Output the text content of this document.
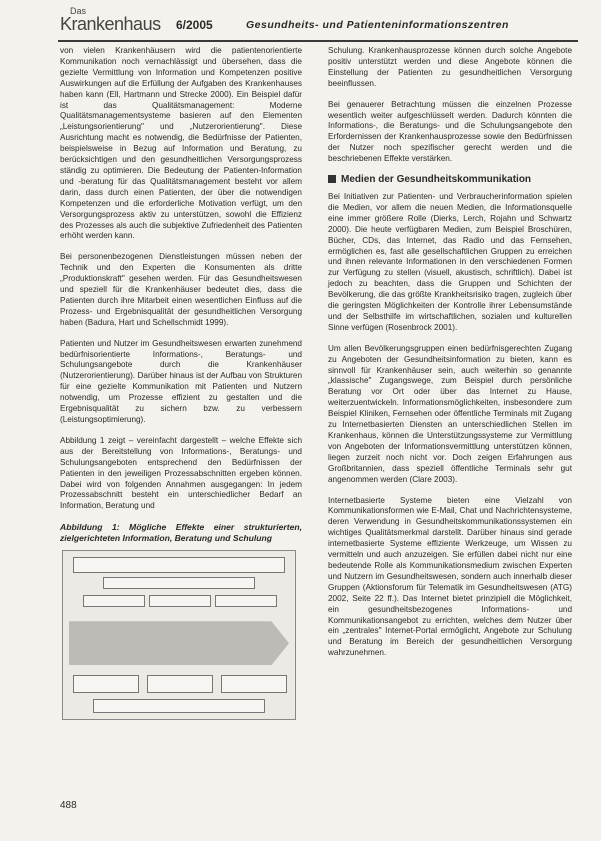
Das
Krankenhaus 6/2005	Gesundheits- und Patienteninformationszentren

von vielen Krankenhäusern wird die patientenorientierte Kommunikation noch vernachlässigt und übersehen, dass die gezielte Vermittlung von Information und Kompetenzen positive Auswirkungen auf die Erfüllung der Aufgaben des Krankenhauses haben kann (Ell, Hartmann und Strecke 2000). Ein Beispiel dafür ist das Qualitätsmanagement: Moderne Qualitätsmanagementsysteme basieren auf den Elementen „Leistungsorientierung" und „Nutzerorientierung". Diese Ausrichtung macht es notwendig, die Bedürfnisse der Patienten, beispielsweise in Bezug auf Information und Beratung, zu berücksichtigen und den gesundheitlichen Versorgungsprozess ständig zu optimieren. Die Bedeutung der Patienten-Information und -beratung für das Qualitätsmanagement besteht vor allem darin, dass durch einen Patienten, der über die notwendigen Kompetenzen und die erforderliche Motivation verfügt, um den Versorgungsprozess aktiv zu unterstützen, sowohl die Effizienz des Prozesses als auch die subjektive Zufriedenheit des Patienten erhöht werden kann.

Bei personenbezogenen Dienstleistungen müssen neben der Technik und den Experten die Konsumenten als dritte „Produktionskraft" gesehen werden. Für das Gesundheitswesen und speziell für die Krankenhäuser bedeutet dies, dass die Patienten durch ihre Mitarbeit einen wesentlichen Einfluss auf die Prozess- und Ergebnisqualität der gesundheitlichen Versorgung haben (Badura, Hart und Schellschmidt 1999).

Patienten und Nutzer im Gesundheitswesen erwarten zunehmend bedürfnisorientierte Informations-, Beratungs- und Schulungsangebote durch die Krankenhäuser (Nutzerorientierung). Darüber hinaus ist der Aufbau von Strukturen für eine gezielte Kommunikation mit Patienten und Nutzern notwendig, um Prozesse effizient zu gestalten und die Ergebnisqualität zu sichern bzw. zu verbessern (Leistungsoptimierung).

Abbildung 1 zeigt – vereinfacht dargestellt – welche Effekte sich aus der Bereitstellung von Informations-, Beratungs- und Schulungsangeboten entsprechend den Bedürfnissen der Patienten in den jeweiligen Prozessabschnitten ergeben können. Dabei wird von folgenden Annahmen ausgegangen: In jedem Prozessabschnitt besteht ein unterschiedlicher Bedarf an Information, Beratung und

Abbildung 1: Mögliche Effekte einer strukturierten, zielgerichteten Information, Beratung und Schulung

Schulung. Krankenhausprozesse können durch solche Angebote positiv unterstützt werden und diese Angebote können die Einstellung der Patienten zu gesundheitlichen Versorgung beeinflussen.

Bei genauerer Betrachtung müssen die einzelnen Prozesse wesentlich weiter aufgeschlüsselt werden. Dadurch könnten die Informations-, die Beratungs- und die Schulungsangebote den Erfordernissen der Krankenhausprozesse sowie den Bedürfnissen der Nutzer noch spezifischer gerecht werden und die beschriebenen Effekte verstärken.

Medien der Gesundheitskommunikation

Bei Initiativen zur Patienten- und Verbraucherinformation spielen die Medien, vor allem die neuen Medien, die Informationsquelle eine immer größere Rolle (Dierks, Lerch, Rojahn und Schwartz 2000). Die heute verfügbaren Medien, zum Beispiel Broschüren, Bücher, CDs, das Internet, das Radio und das Fernsehen, ermöglichen es, fast alle gesellschaftlichen Gruppen zu erreichen und ihnen relevante Informationen in den verschiedenen Formen zur Verfügung zu stellen (visuell, akustisch, schriftlich). Dabei ist jedoch zu beachten, dass die Gruppen und Schichten der Bevölkerung, die das größte Krankheitsrisiko tragen, zugleich über die geringsten Möglichkeiten der Kontrolle ihrer Lebensumstände und der Selbsthilfe im wirtschaftlichen, sozialen und kulturellen Sinne verfügen (Rosenbrock 2001).

Um allen Bevölkerungsgruppen einen bedürfnisgerechten Zugang zu Angeboten der Gesundheitsinformation zu bieten, kann es sinnvoll für Krankenhäuser sein, auch weiterhin so genannte „klassische" Zugangswege, zum Beispiel durch persönliche Beratung vor Ort oder über das Internet zu Hause, weiterzuentwickeln. Informationsmöglichkeiten, insbesondere zum Beispiel Kliniken, Fernsehen oder öffentliche Terminals mit Zugang zu Internetbasierten Diensten an unterschiedlichen Stellen im Krankenhaus, können die Unterstützungssysteme zur Vermittlung von Angeboten der Informationsvermittlung unterstützen können, liegen zurzeit noch nicht vor. Doch zeigen Erfahrungen aus Großbritannien, dass speziell öffentliche Terminals sehr gut angenommen werden (Clare 2003).

Internetbasierte Systeme bieten eine Vielzahl von Kommunikationsformen wie E-Mail, Chat und Nachrichtensysteme, deren Verwendung in Gesundheitskommunikationssystemen ein wichtiges Qualitätsmerkmal darstellt. Darüber hinaus sind gerade internetbasierte Systeme effiziente Werkzeuge, um Wissen zu vermitteln und auch anzuzeigen. Sie erfüllen dabei nicht nur eine bedeutende Rolle als Kommunikationsmedium zwischen Experten und Nutzern im Gesundheitswesen, sondern auch innerhalb dieser Gruppen (Aktionsforum für Telematik im Gesundheitswesen (ATG) 2002, Seite 22 ff.). Das Internet bietet prinzipiell die Möglichkeit, ein gesundheitsbezogenes Informations- und Kommunikationsangebot zu errichten, welches dem Nutzer über ein „zentrales" Internet-Portal ermöglicht, Angebote zur Schulung und Beratung im Bereich der gesundheitlichen Versorgung wahrzunehmen.

488
